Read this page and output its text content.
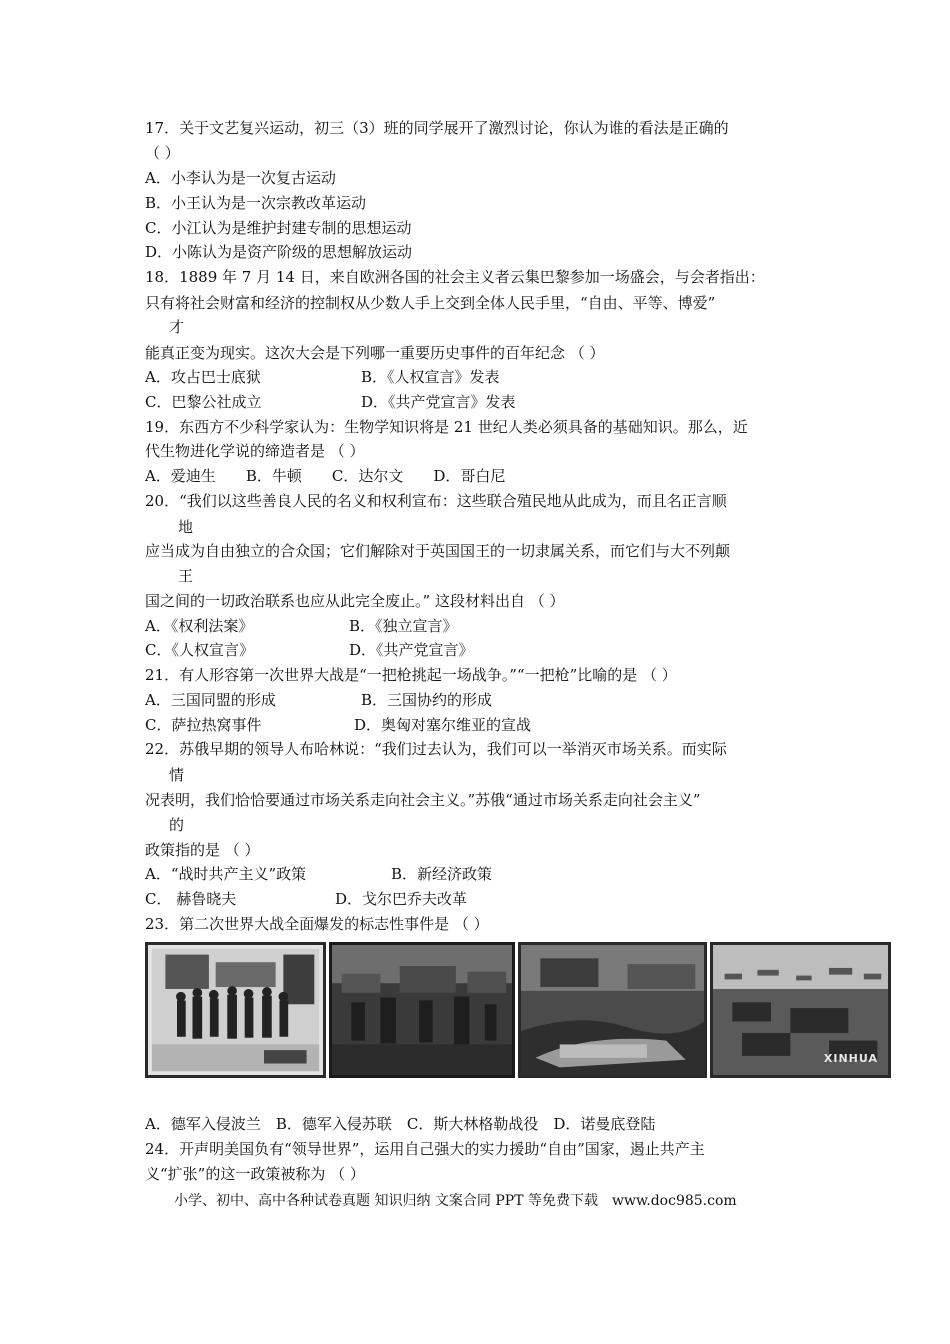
17．关于文艺复兴运动，初三（3）班的同学展开了激烈讨论，你认为谁的看法是正确的
（ ）
A．小李认为是一次复古运动
B．小王认为是一次宗教改革运动
C．小江认为是维护封建专制的思想运动
D．小陈认为是资产阶级的思想解放运动
18．1889 年 7 月 14 日，来自欧洲各国的社会主义者云集巴黎参加一场盛会，与会者指出：
只有将社会财富和经济的控制权从少数人手上交到全体人民手里，“自由、平等、博爱”
才
能真正变为现实。这次大会是下列哪一重要历史事件的百年纪念 （ ）
A．攻占巴士底狱	B．《人权宣言》发表
C．巴黎公社成立	D．《共产党宣言》发表
19．东西方不少科学家认为：生物学知识将是 21 世纪人类必须具备的基础知识。那么，近
代生物进化学说的缔造者是 （ ）
A．爱迪生　　B．牛顿　　C．达尔文　　D．哥白尼
20．“我们以这些善良人民的名义和权利宣布：这些联合殖民地从此成为，而且名正言顺
地
应当成为自由独立的合众国；它们解除对于英国国王的一切隶属关系，而它们与大不列颠
王
国之间的一切政治联系也应从此完全废止。” 这段材料出自 （ ）
A．《权利法案》	B．《独立宣言》
C．《人权宣言》	D．《共产党宣言》
21．有人形容第一次世界大战是“一把枪挑起一场战争。”“一把枪”比喻的是 （ ）
A．三国同盟的形成	B．三国协约的形成
C．萨拉热窝事件	D．奥匈对塞尔维亚的宣战
22．苏俄早期的领导人布哈林说：“我们过去认为，我们可以一举消灭市场关系。而实际
情
况表明，我们恰恰要通过市场关系走向社会主义。”苏俄“通过市场关系走向社会主义”
的
政策指的是 （ ）
A．“战时共产主义”政策	B．新经济政策
C． 赫鲁晓夫	D．戈尔巴乔夫改革
23．第二次世界大战全面爆发的标志性事件是 （ ）
XINHUA
A．德军入侵波兰　B．德军入侵苏联　C．斯大林格勒战役　D．诺曼底登陆
24．开声明美国负有“领导世界”，运用自己强大的实力援助“自由”国家，遏止共产主
义“扩张”的这一政策被称为 （ ）
小学、初中、高中各种试卷真题 知识归纳 文案合同 PPT 等免费下载　www.doc985.com
